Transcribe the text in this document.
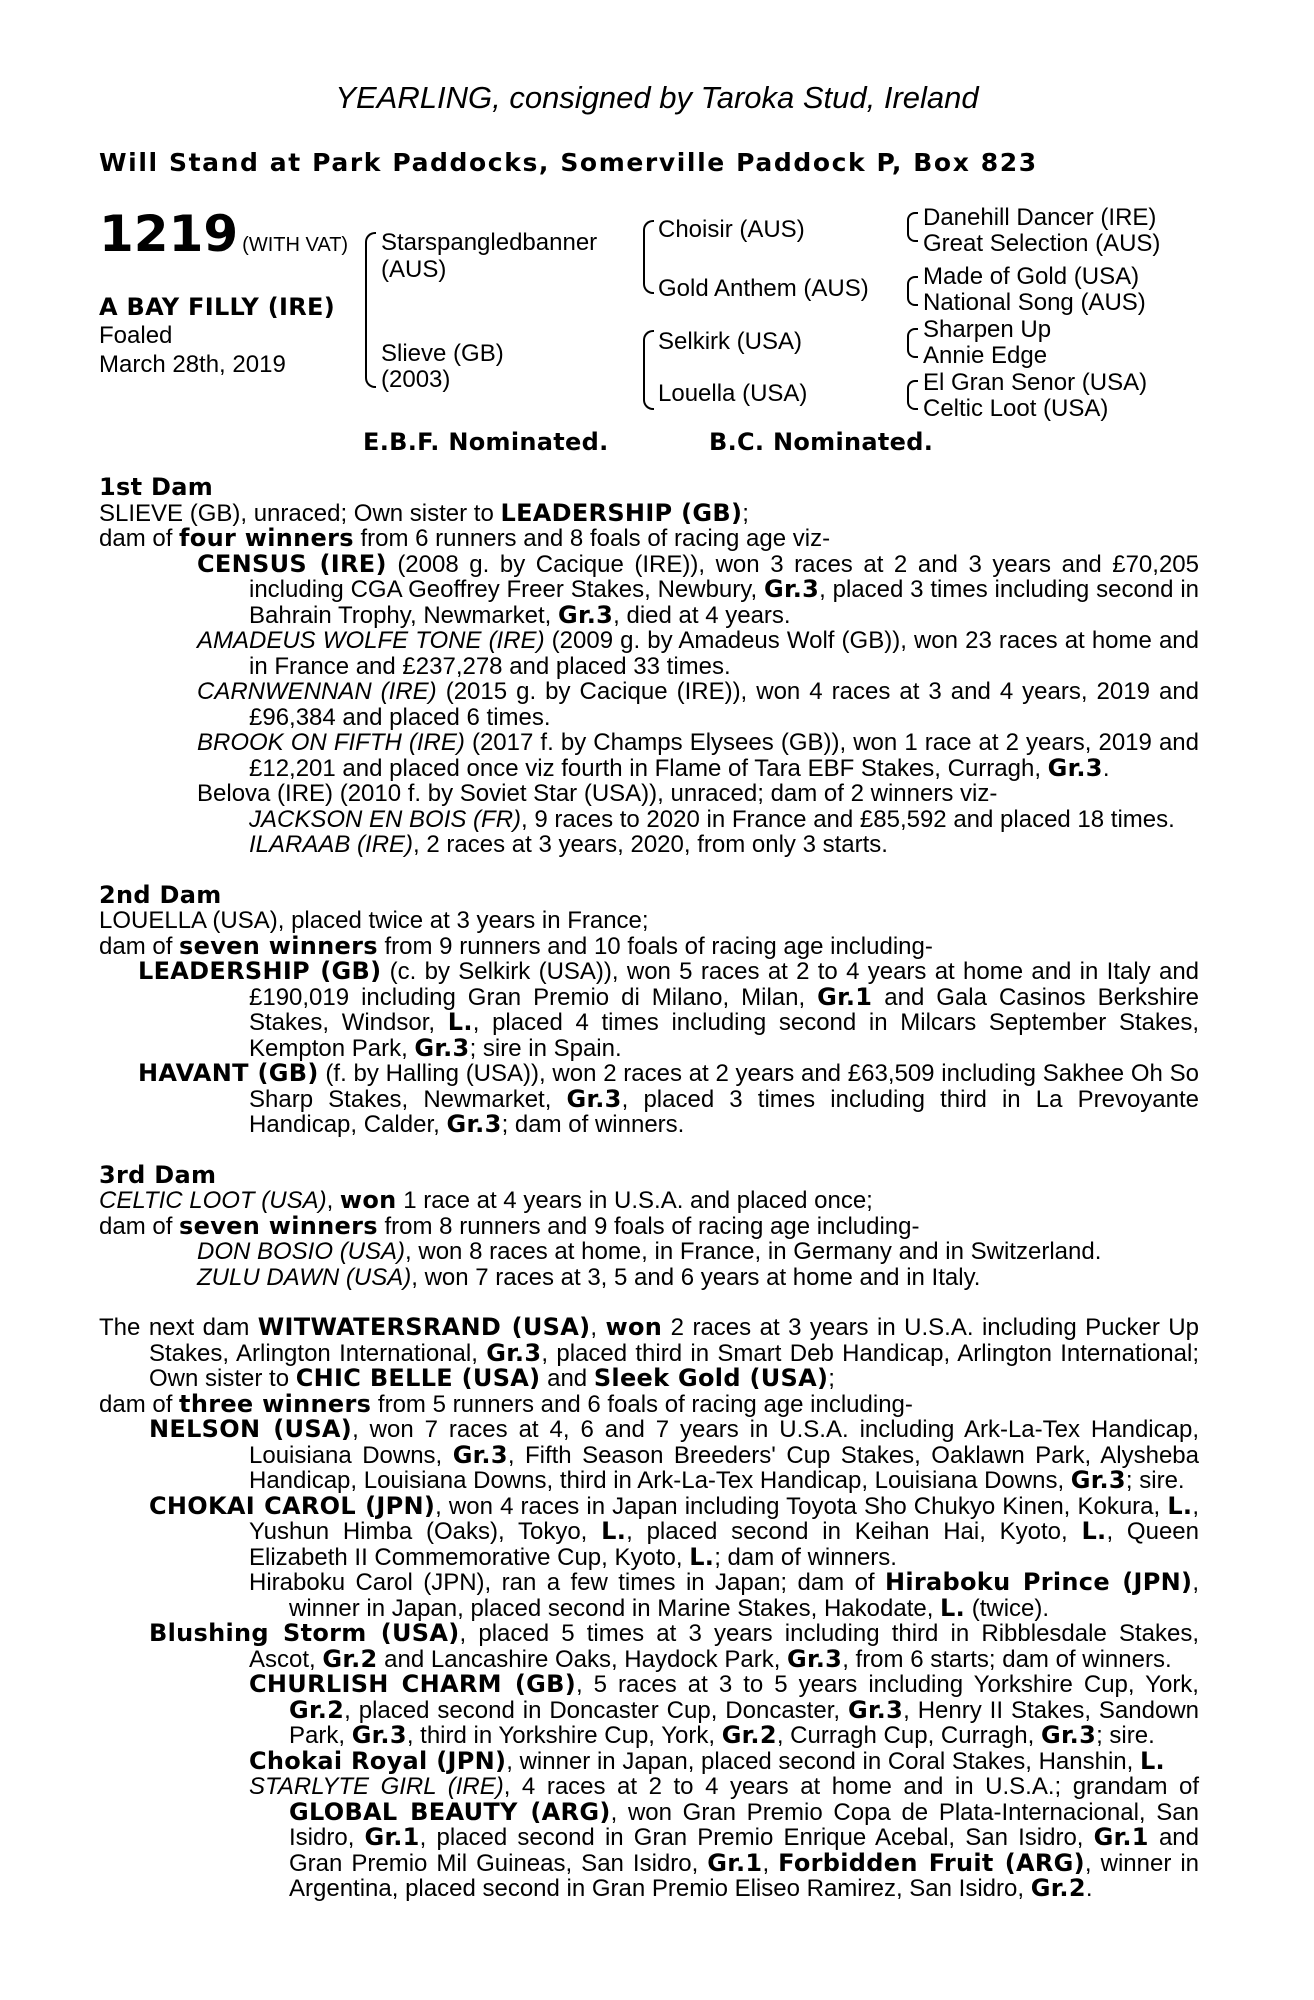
YEARLING, consigned by Taroka Stud, Ireland
Will Stand at Park Paddocks, Somerville Paddock P, Box 823
1219 (WITH VAT)
A BAY FILLY (IRE)
Foaled
March 28th, 2019
Starspangledbanner
(AUS)
Slieve (GB)
(2003)
Choisir (AUS)
Gold Anthem (AUS)
Selkirk (USA)
Louella (USA)
Danehill Dancer (IRE)
Great Selection (AUS)
Made of Gold (USA)
National Song (AUS)
Sharpen Up
Annie Edge
El Gran Senor (USA)
Celtic Loot (USA)
E.B.F. Nominated.	B.C. Nominated.
1st Dam
SLIEVE (GB), unraced; Own sister to LEADERSHIP (GB);
dam of four winners from 6 runners and 8 foals of racing age viz-
CENSUS (IRE) (2008 g. by Cacique (IRE)), won 3 races at 2 and 3 years and £70,205 including CGA Geoffrey Freer Stakes, Newbury, Gr.3, placed 3 times including second in Bahrain Trophy, Newmarket, Gr.3, died at 4 years.
AMADEUS WOLFE TONE (IRE) (2009 g. by Amadeus Wolf (GB)), won 23 races at home and in France and £237,278 and placed 33 times.
CARNWENNAN (IRE) (2015 g. by Cacique (IRE)), won 4 races at 3 and 4 years, 2019 and £96,384 and placed 6 times.
BROOK ON FIFTH (IRE) (2017 f. by Champs Elysees (GB)), won 1 race at 2 years, 2019 and £12,201 and placed once viz fourth in Flame of Tara EBF Stakes, Curragh, Gr.3.
Belova (IRE) (2010 f. by Soviet Star (USA)), unraced; dam of 2 winners viz-
JACKSON EN BOIS (FR), 9 races to 2020 in France and £85,592 and placed 18 times.
ILARAAB (IRE), 2 races at 3 years, 2020, from only 3 starts.
2nd Dam
LOUELLA (USA), placed twice at 3 years in France;
dam of seven winners from 9 runners and 10 foals of racing age including-
LEADERSHIP (GB) (c. by Selkirk (USA)), won 5 races at 2 to 4 years at home and in Italy and £190,019 including Gran Premio di Milano, Milan, Gr.1 and Gala Casinos Berkshire Stakes, Windsor, L., placed 4 times including second in Milcars September Stakes, Kempton Park, Gr.3; sire in Spain.
HAVANT (GB) (f. by Halling (USA)), won 2 races at 2 years and £63,509 including Sakhee Oh So Sharp Stakes, Newmarket, Gr.3, placed 3 times including third in La Prevoyante Handicap, Calder, Gr.3; dam of winners.
3rd Dam
CELTIC LOOT (USA), won 1 race at 4 years in U.S.A. and placed once;
dam of seven winners from 8 runners and 9 foals of racing age including-
DON BOSIO (USA), won 8 races at home, in France, in Germany and in Switzerland.
ZULU DAWN (USA), won 7 races at 3, 5 and 6 years at home and in Italy.
The next dam WITWATERSRAND (USA), won 2 races at 3 years in U.S.A. including Pucker Up Stakes, Arlington International, Gr.3, placed third in Smart Deb Handicap, Arlington International; Own sister to CHIC BELLE (USA) and Sleek Gold (USA);
dam of three winners from 5 runners and 6 foals of racing age including-
NELSON (USA), won 7 races at 4, 6 and 7 years in U.S.A. including Ark-La-Tex Handicap, Louisiana Downs, Gr.3, Fifth Season Breeders' Cup Stakes, Oaklawn Park, Alysheba Handicap, Louisiana Downs, third in Ark-La-Tex Handicap, Louisiana Downs, Gr.3; sire.
CHOKAI CAROL (JPN), won 4 races in Japan including Toyota Sho Chukyo Kinen, Kokura, L., Yushun Himba (Oaks), Tokyo, L., placed second in Keihan Hai, Kyoto, L., Queen Elizabeth II Commemorative Cup, Kyoto, L.; dam of winners.
Hiraboku Carol (JPN), ran a few times in Japan; dam of Hiraboku Prince (JPN), winner in Japan, placed second in Marine Stakes, Hakodate, L. (twice).
Blushing Storm (USA), placed 5 times at 3 years including third in Ribblesdale Stakes, Ascot, Gr.2 and Lancashire Oaks, Haydock Park, Gr.3, from 6 starts; dam of winners.
CHURLISH CHARM (GB), 5 races at 3 to 5 years including Yorkshire Cup, York, Gr.2, placed second in Doncaster Cup, Doncaster, Gr.3, Henry II Stakes, Sandown Park, Gr.3, third in Yorkshire Cup, York, Gr.2, Curragh Cup, Curragh, Gr.3; sire.
Chokai Royal (JPN), winner in Japan, placed second in Coral Stakes, Hanshin, L.
STARLYTE GIRL (IRE), 4 races at 2 to 4 years at home and in U.S.A.; grandam of GLOBAL BEAUTY (ARG), won Gran Premio Copa de Plata-Internacional, San Isidro, Gr.1, placed second in Gran Premio Enrique Acebal, San Isidro, Gr.1 and Gran Premio Mil Guineas, San Isidro, Gr.1, Forbidden Fruit (ARG), winner in Argentina, placed second in Gran Premio Eliseo Ramirez, San Isidro, Gr.2.
